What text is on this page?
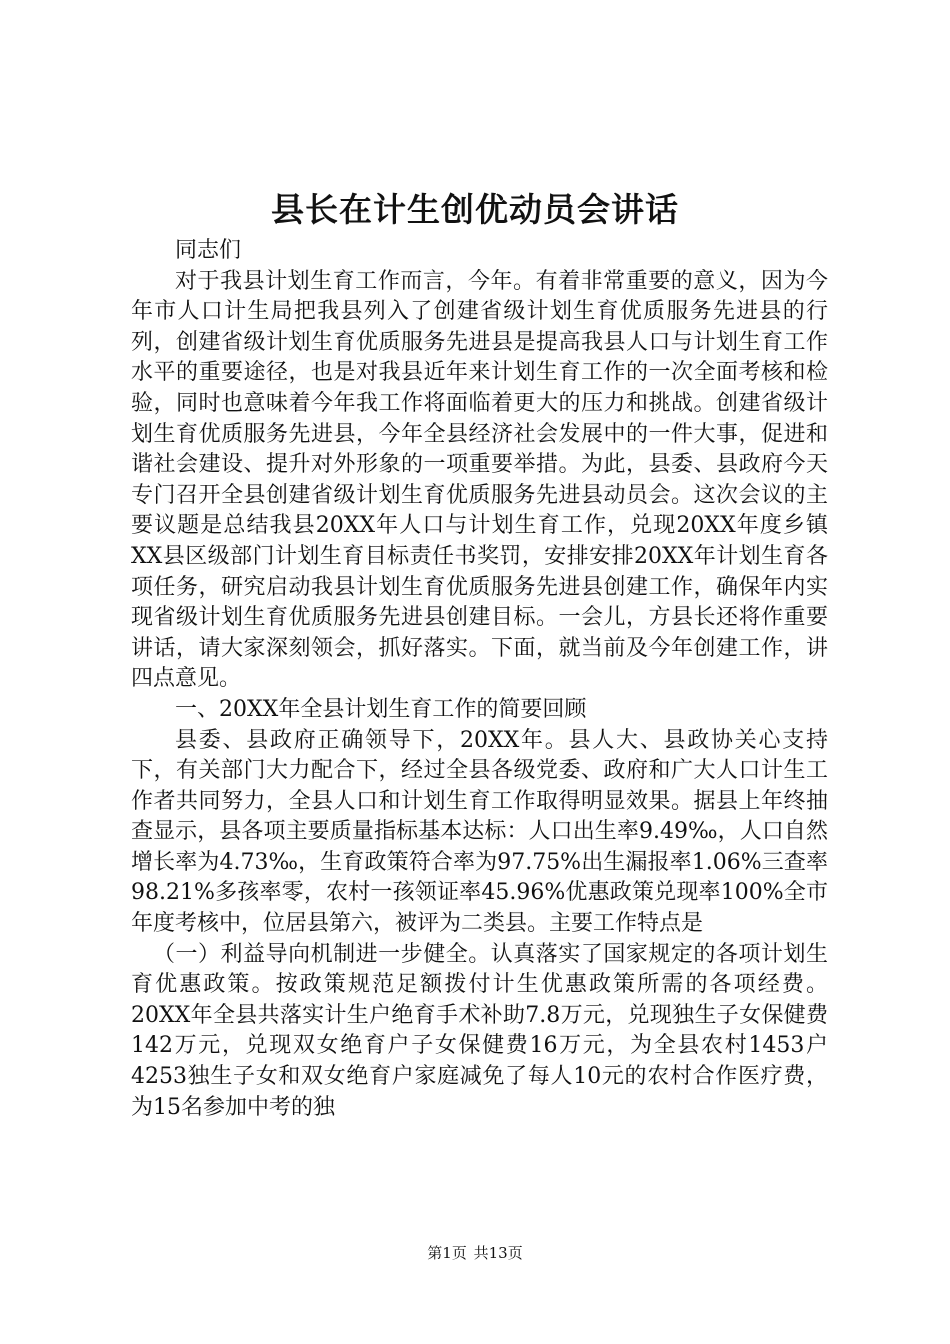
县长在计生创优动员会讲话

同志们

对于我县计划生育工作而言，今年。有着非常重要的意义，因为今年市人口计生局把我县列入了创建省级计划生育优质服务先进县的行列，创建省级计划生育优质服务先进县是提高我县人口与计划生育工作水平的重要途径，也是对我县近年来计划生育工作的一次全面考核和检验，同时也意味着今年我工作将面临着更大的压力和挑战。创建省级计划生育优质服务先进县，今年全县经济社会发展中的一件大事，促进和谐社会建设、提升对外形象的一项重要举措。为此，县委、县政府今天专门召开全县创建省级计划生育优质服务先进县动员会。这次会议的主要议题是总结我县20XX年人口与计划生育工作，兑现20XX年度乡镇XX县区级部门计划生育目标责任书奖罚，安排安排20XX年计划生育各项任务，研究启动我县计划生育优质服务先进县创建工作，确保年内实现省级计划生育优质服务先进县创建目标。一会儿，方县长还将作重要讲话，请大家深刻领会，抓好落实。下面，就当前及今年创建工作，讲四点意见。

一、20XX年全县计划生育工作的简要回顾

县委、县政府正确领导下，20XX年。县人大、县政协关心支持下，有关部门大力配合下，经过全县各级党委、政府和广大人口计生工作者共同努力，全县人口和计划生育工作取得明显效果。据县上年终抽查显示，县各项主要质量指标基本达标：人口出生率9.49‰，人口自然增长率为4.73‰，生育政策符合率为97.75%出生漏报率1.06%三查率98.21%多孩率零，农村一孩领证率45.96%优惠政策兑现率100%全市年度考核中，位居县第六，被评为二类县。主要工作特点是

（一）利益导向机制进一步健全。认真落实了国家规定的各项计划生育优惠政策。按政策规范足额拨付计生优惠政策所需的各项经费。20XX年全县共落实计生户绝育手术补助7.8万元，兑现独生子女保健费142万元，兑现双女绝育户子女保健费16万元，为全县农村1453户4253独生子女和双女绝育户家庭减免了每人10元的农村合作医疗费，为15名参加中考的独

第1页 共13页
